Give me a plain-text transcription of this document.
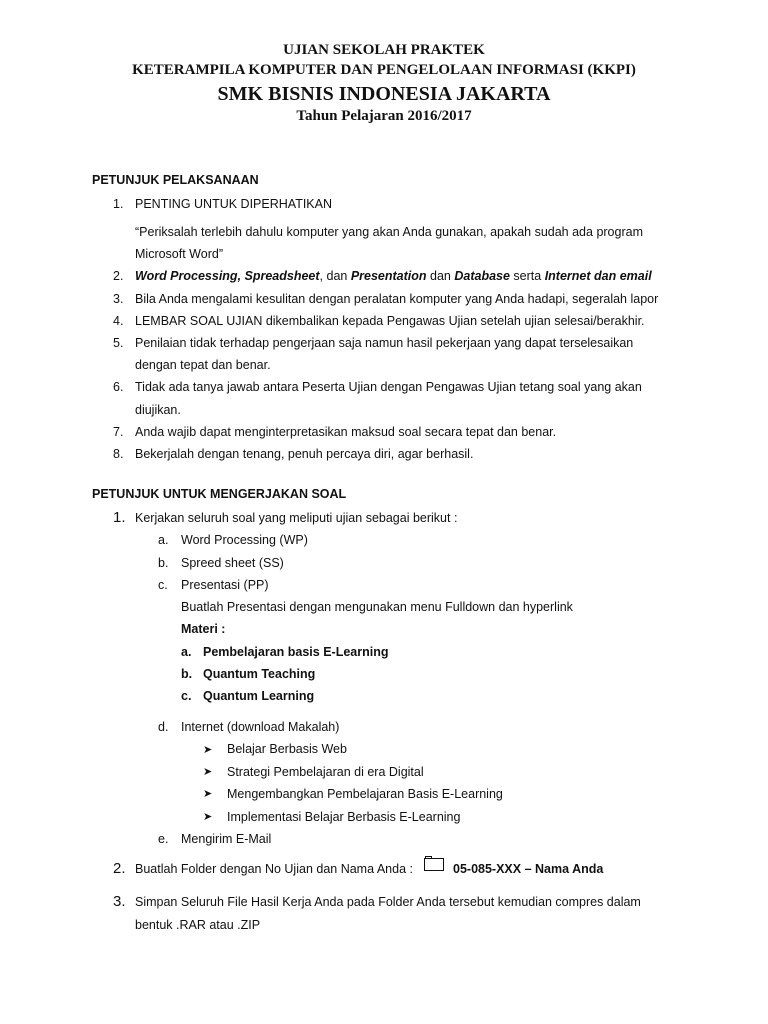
UJIAN SEKOLAH PRAKTEK
KETERAMPILA KOMPUTER DAN PENGELOLAAN INFORMASI (KKPI)
SMK BISNIS INDONESIA JAKARTA
Tahun Pelajaran 2016/2017
PETUNJUK PELAKSANAAN
1. PENTING UNTUK DIPERHATIKAN
“Periksalah terlebih dahulu komputer yang akan Anda gunakan, apakah sudah ada program
Microsoft Word”
2. Word Processing, Spreadsheet, dan Presentation dan Database serta Internet dan email
3. Bila Anda mengalami kesulitan dengan peralatan komputer yang Anda hadapi, segeralah lapor
4. LEMBAR SOAL UJIAN dikembalikan kepada Pengawas Ujian setelah ujian selesai/berakhir.
5. Penilaian tidak terhadap pengerjaan saja namun hasil pekerjaan yang dapat terselesaikan
dengan tepat dan benar.
6. Tidak ada tanya jawab antara Peserta Ujian dengan Pengawas Ujian tetang soal yang akan
diujikan.
7. Anda wajib dapat menginterpretasikan maksud soal secara tepat dan benar.
8. Bekerjalah dengan tenang, penuh percaya diri, agar berhasil.
PETUNJUK UNTUK MENGERJAKAN SOAL
1. Kerjakan seluruh soal yang meliputi ujian sebagai berikut :
a. Word Processing (WP)
b. Spreed sheet (SS)
c. Presentasi (PP)
Buatlah Presentasi dengan mengunakan menu Fulldown dan hyperlink
Materi :
a. Pembelajaran basis E-Learning
b. Quantum Teaching
c. Quantum Learning
d. Internet (download Makalah)
➤ Belajar Berbasis Web
➤ Strategi Pembelajaran di era Digital
➤ Mengembangkan Pembelajaran Basis E-Learning
➤ Implementasi Belajar Berbasis E-Learning
e. Mengirim E-Mail
2. Buatlah Folder dengan No Ujian dan Nama Anda :	05-085-XXX – Nama Anda
3. Simpan Seluruh File Hasil Kerja Anda pada Folder Anda tersebut kemudian compres dalam
bentuk .RAR atau .ZIP
